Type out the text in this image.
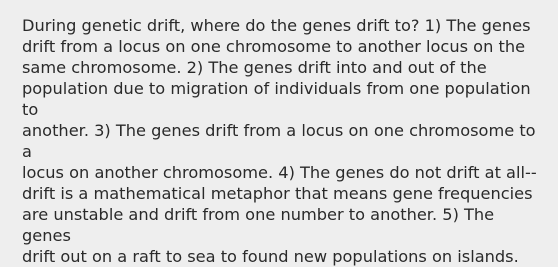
During genetic drift, where do the genes drift to? 1) The genes
drift from a locus on one chromosome to another locus on the
same chromosome. 2) The genes drift into and out of the
population due to migration of individuals from one population to
another. 3) The genes drift from a locus on one chromosome to a
locus on another chromosome. 4) The genes do not drift at all--
drift is a mathematical metaphor that means gene frequencies
are unstable and drift from one number to another. 5) The genes
drift out on a raft to sea to found new populations on islands.
